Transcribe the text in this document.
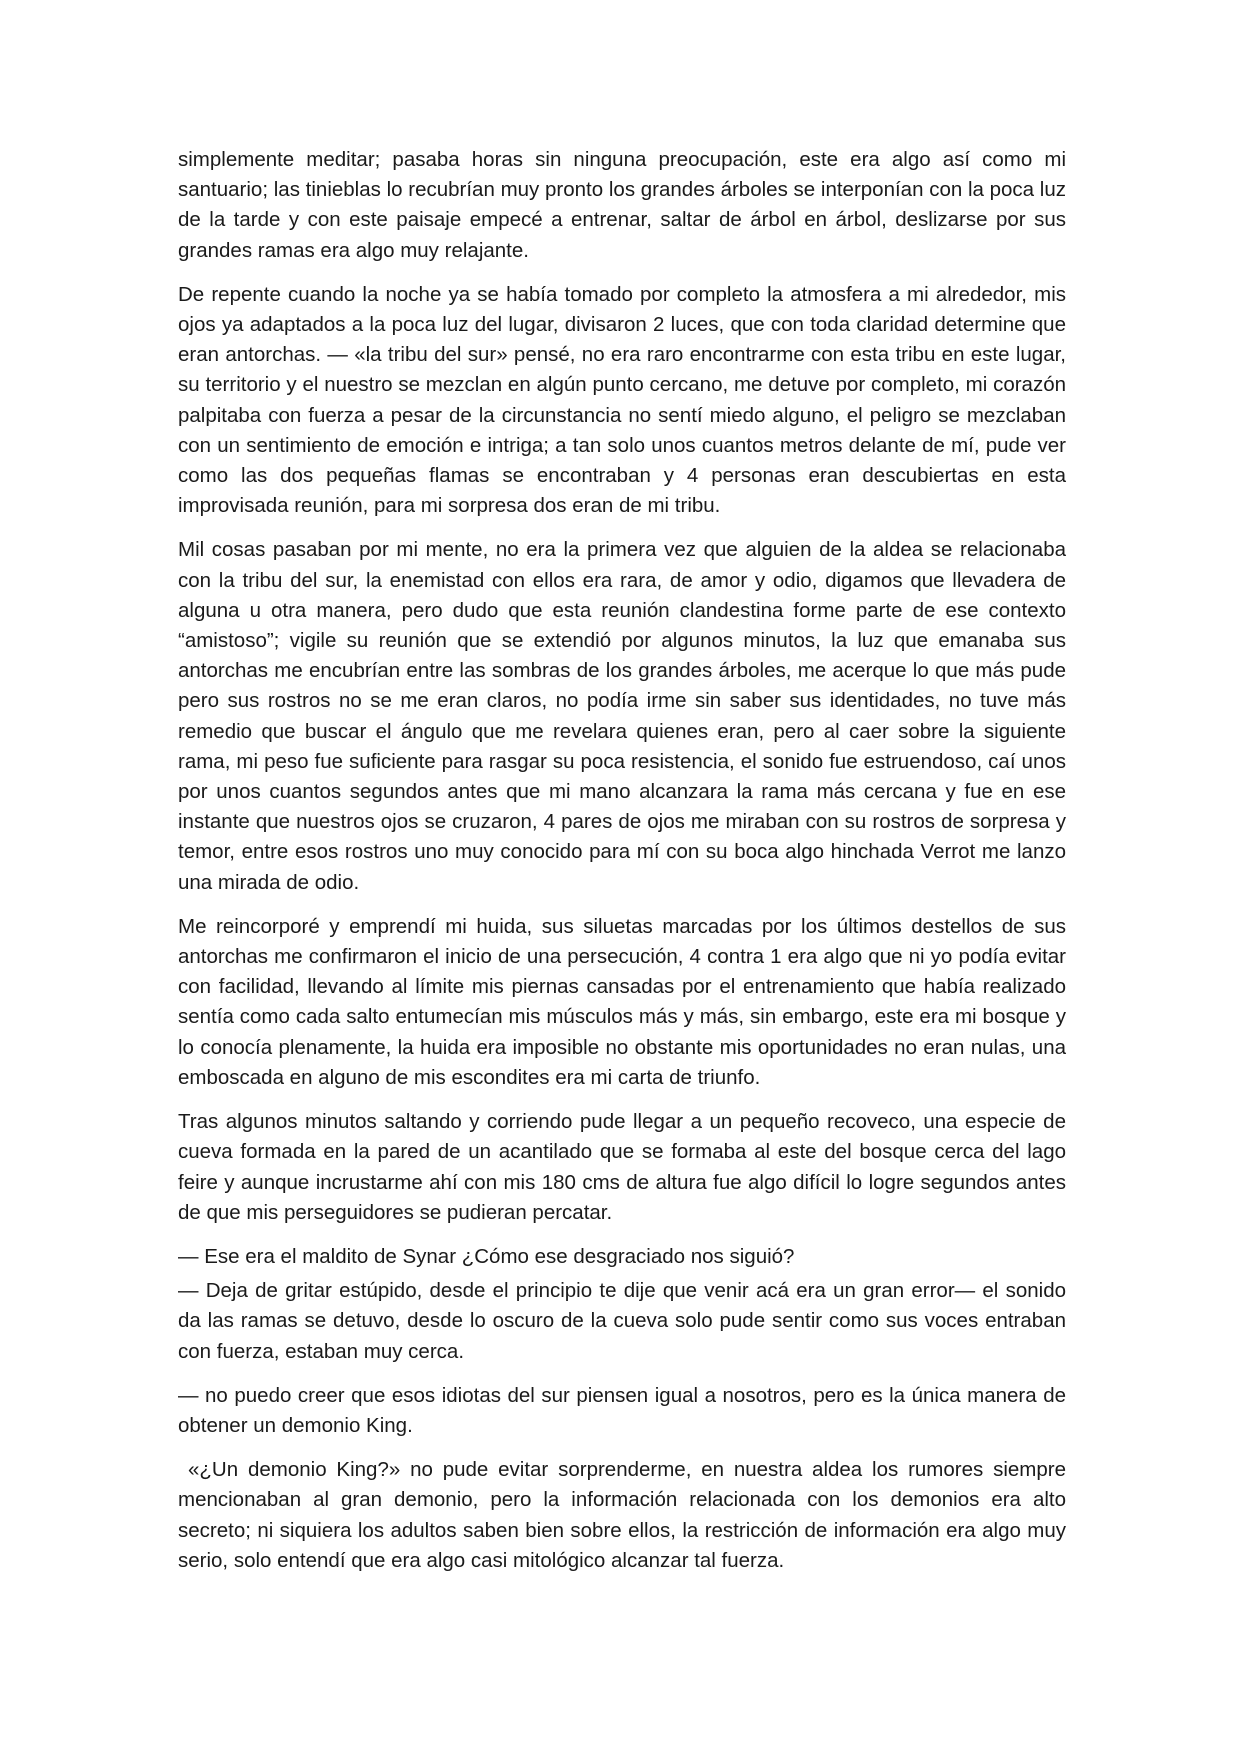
simplemente meditar; pasaba horas sin ninguna preocupación, este era algo así como mi santuario; las tinieblas lo recubrían muy pronto los grandes árboles se interponían con la poca luz de la tarde y con este paisaje empecé a entrenar, saltar de árbol en árbol, deslizarse por sus grandes ramas era algo muy relajante.

De repente cuando la noche ya se había tomado por completo la atmosfera a mi alrededor, mis ojos ya adaptados a la poca luz del lugar, divisaron 2 luces, que con toda claridad determine que eran antorchas. — «la tribu del sur» pensé, no era raro encontrarme con esta tribu en este lugar, su territorio y el nuestro se mezclan en algún punto cercano, me detuve por completo, mi corazón palpitaba con fuerza a pesar de la circunstancia no sentí miedo alguno, el peligro se mezclaban con un sentimiento de emoción e intriga; a tan solo unos cuantos metros delante de mí, pude ver como las dos pequeñas flamas se encontraban y 4 personas eran descubiertas en esta improvisada reunión, para mi sorpresa dos eran de mi tribu.

Mil cosas pasaban por mi mente, no era la primera vez que alguien de la aldea se relacionaba con la tribu del sur, la enemistad con ellos era rara, de amor y odio, digamos que llevadera de alguna u otra manera, pero dudo que esta reunión clandestina forme parte de ese contexto “amistoso”; vigile su reunión que se extendió por algunos minutos, la luz que emanaba sus antorchas me encubrían entre las sombras de los grandes árboles, me acerque lo que más pude pero sus rostros no se me eran claros, no podía irme sin saber sus identidades, no tuve más remedio que buscar el ángulo que me revelara quienes eran, pero al caer sobre la siguiente rama, mi peso fue suficiente para rasgar su poca resistencia, el sonido fue estruendoso, caí unos por unos cuantos segundos antes que mi mano alcanzara la rama más cercana y fue en ese instante que nuestros ojos se cruzaron, 4 pares de ojos me miraban con su rostros de sorpresa y temor, entre esos rostros uno muy conocido para mí con su boca algo hinchada Verrot me lanzo una mirada de odio.

Me reincorporé y emprendí mi huida, sus siluetas marcadas por los últimos destellos de sus antorchas me confirmaron el inicio de una persecución, 4 contra 1 era algo que ni yo podía evitar con facilidad, llevando al límite mis piernas cansadas por el entrenamiento que había realizado sentía como cada salto entumecían mis músculos más y más, sin embargo, este era mi bosque y lo conocía plenamente, la huida era imposible no obstante mis oportunidades no eran nulas, una emboscada en alguno de mis escondites era mi carta de triunfo.

Tras algunos minutos saltando y corriendo pude llegar a un pequeño recoveco, una especie de cueva formada en la pared de un acantilado que se formaba al este del bosque cerca del lago feire y aunque incrustarme ahí con mis 180 cms de altura fue algo difícil lo logre segundos antes de que mis perseguidores se pudieran percatar.

— Ese era el maldito de Synar ¿Cómo ese desgraciado nos siguió?

— Deja de gritar estúpido, desde el principio te dije que venir acá era un gran error— el sonido da las ramas se detuvo, desde lo oscuro de la cueva solo pude sentir como sus voces entraban con fuerza, estaban muy cerca.

— no puedo creer que esos idiotas del sur piensen igual a nosotros, pero es la única manera de obtener un demonio King.

«¿Un demonio King?» no pude evitar sorprenderme, en nuestra aldea los rumores siempre mencionaban al gran demonio, pero la información relacionada con los demonios era alto secreto; ni siquiera los adultos saben bien sobre ellos, la restricción de información era algo muy serio, solo entendí que era algo casi mitológico alcanzar tal fuerza.
